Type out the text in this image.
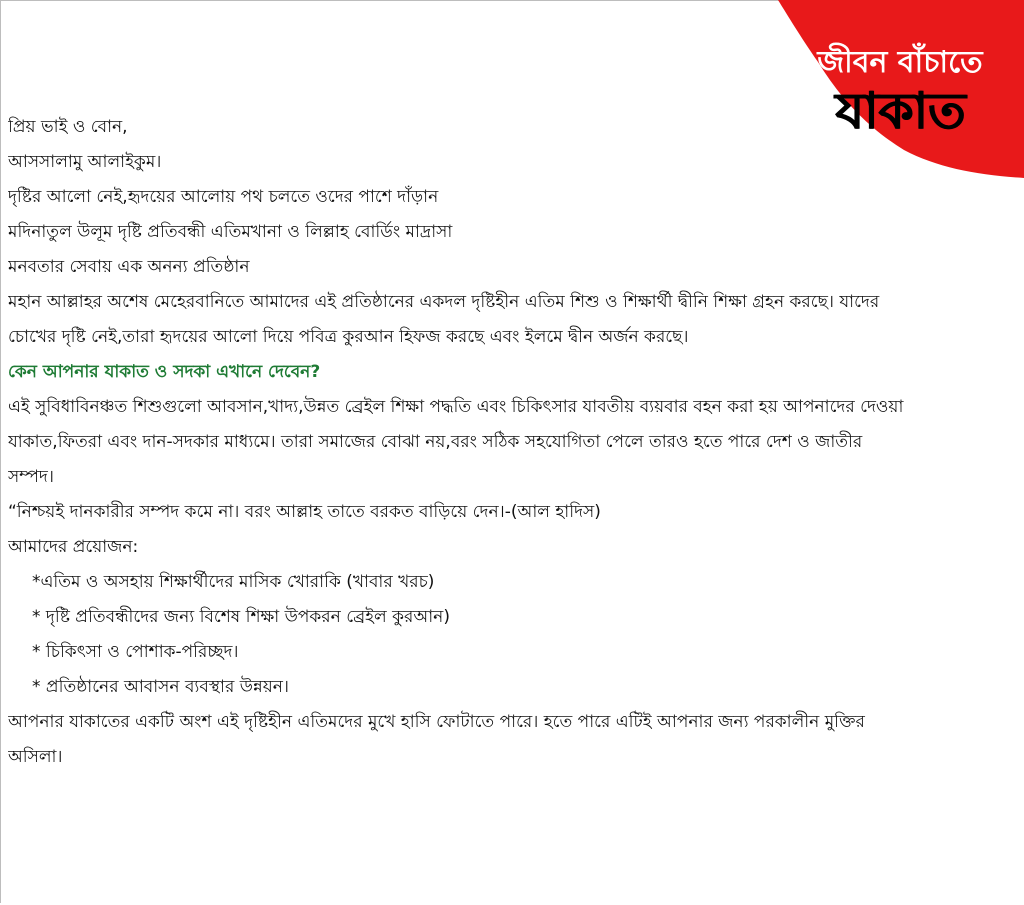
জীবন বাঁচাতে
যাকাত
প্রিয় ভাই ও বোন,
আসসালামু আলাইকুম।
দৃষ্টির আলো নেই,হৃদয়ের আলোয় পথ চলতে ওদের পাশে দাঁড়ান
মদিনাতুল উলূম দৃষ্টি প্রতিবন্ধী এতিমখানা ও লিল্লাহ বোর্ডিং মাদ্রাসা
মনবতার সেবায় এক অনন্য প্রতিষ্ঠান
মহান আল্লাহর অশেষ মেহেরবানিতে আমাদের এই প্রতিষ্ঠানের একদল দৃষ্টিহীন এতিম শিশু ও শিক্ষার্থী দ্বীনি শিক্ষা গ্রহন করছে। যাদের
চোখের দৃষ্টি নেই,তারা হৃদয়ের আলো দিয়ে পবিত্র কুরআন হিফজ করছে এবং ইলমে দ্বীন অর্জন করছে।
কেন আপনার যাকাত ও সদকা এখানে দেবেন?
এই সুবিধাবিনঞ্চত শিশুগুলো আবসান,খাদ্য,উন্নত ব্রেইল শিক্ষা পদ্ধতি এবং চিকিৎসার যাবতীয় ব্যয়বার বহন করা হয় আপনাদের দেওয়া
যাকাত,ফিতরা এবং দান-সদকার মাধ্যমে। তারা সমাজের বোঝা নয়,বরং সঠিক সহযোগিতা পেলে তারও হতে পারে দেশ ও জাতীর
সম্পদ।
“নিশ্চয়ই দানকারীর সম্পদ কমে না। বরং আল্লাহ তাতে বরকত বাড়িয়ে দেন।-(আল হাদিস)
আমাদের প্রয়োজন:
*এতিম ও অসহায় শিক্ষার্থীদের মাসিক খোরাকি (খাবার খরচ)
* দৃষ্টি প্রতিবন্ধীদের জন্য বিশেষ শিক্ষা উপকরন ব্রেইল কুরআন)
* চিকিৎসা ও পোশাক-পরিচ্ছদ।
* প্রতিষ্ঠানের আবাসন ব্যবস্থার উন্নয়ন।
আপনার যাকাতের একটি অংশ এই দৃষ্টিহীন এতিমদের মুখে হাসি ফোটাতে পারে। হতে পারে এটিই আপনার জন্য পরকালীন মুক্তির
অসিলা।
